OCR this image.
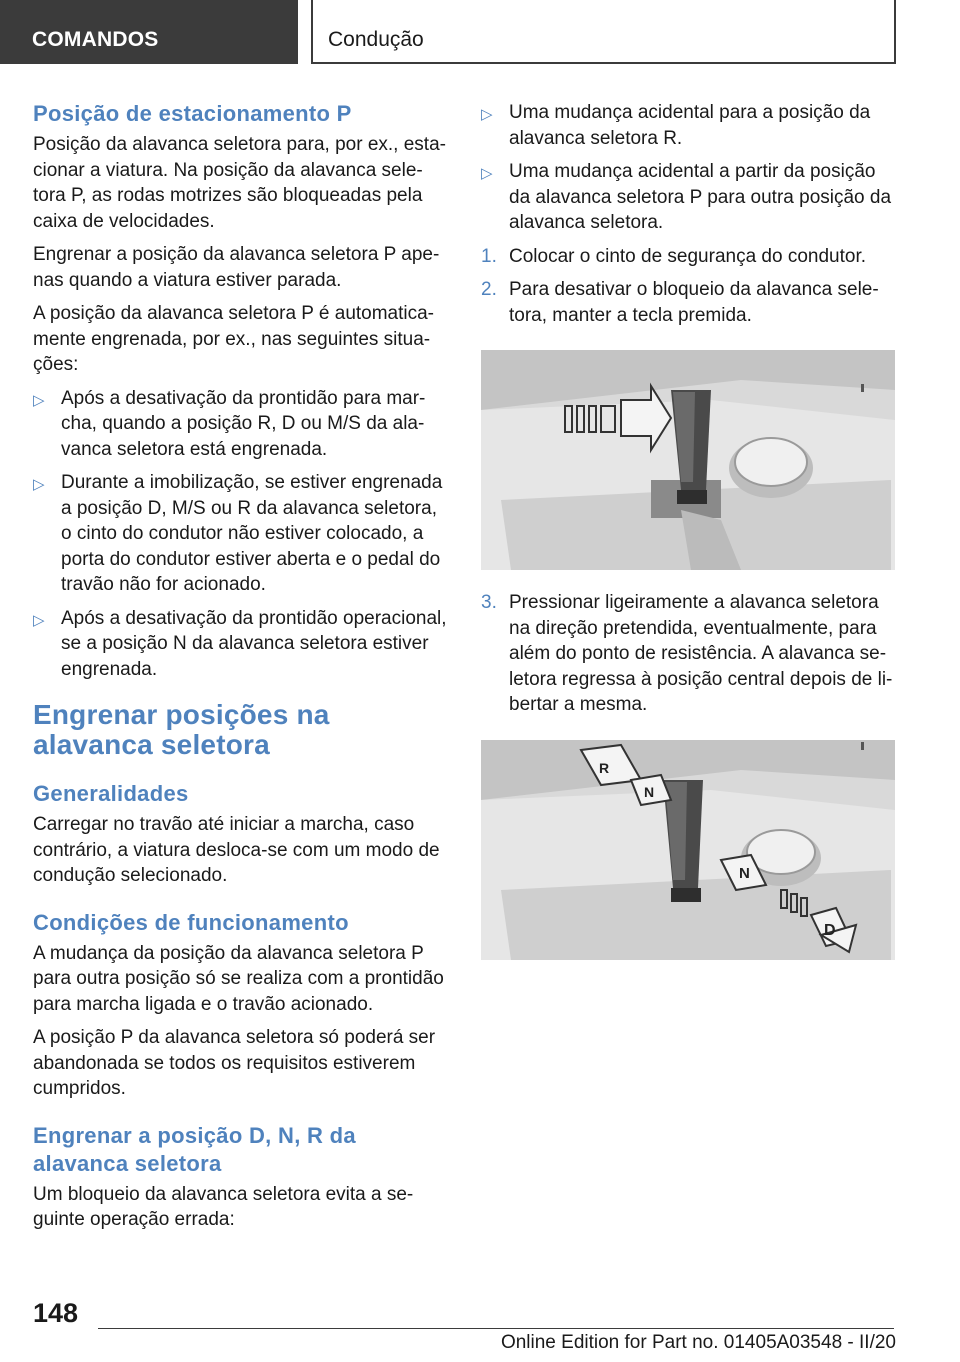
COMANDOS	Condução
Posição de estacionamento P

Posição da alavanca seletora para, por ex., esta‐ cionar a viatura. Na posição da alavanca sele‐ tora P, as rodas motrizes são bloqueadas pela caixa de velocidades.

Engrenar a posição da alavanca seletora P ape‐ nas quando a viatura estiver parada.

A posição da alavanca seletora P é automatica‐ mente engrenada, por ex., nas seguintes situa‐ ções:

▷ Após a desativação da prontidão para mar‐ cha, quando a posição R, D ou M/S da ala‐ vanca seletora está engrenada.
▷ Durante a imobilização, se estiver engrenada a posição D, M/S ou R da alavanca seletora, o cinto do condutor não estiver colocado, a porta do condutor estiver aberta e o pedal do travão não for acionado.
▷ Após a desativação da prontidão operacional, se a posição N da alavanca seletora estiver engrenada.
Engrenar posições na alavanca seletora
Generalidades

Carregar no travão até iniciar a marcha, caso contrário, a viatura desloca-se com um modo de condução selecionado.

Condições de funcionamento

A mudança da posição da alavanca seletora P para outra posição só se realiza com a prontidão para marcha ligada e o travão acionado.

A posição P da alavanca seletora só poderá ser abandonada se todos os requisitos estiverem cumpridos.

Engrenar a posição D, N, R da alavanca seletora

Um bloqueio da alavanca seletora evita a se‐ guinte operação errada:

▷ Uma mudança acidental para a posição da alavanca seletora R.
▷ Uma mudança acidental a partir da posição da alavanca seletora P para outra posição da alavanca seletora.
1. Colocar o cinto de segurança do condutor.
2. Para desativar o bloqueio da alavanca sele‐ tora, manter a tecla premida.
3. Pressionar ligeiramente a alavanca seletora na direção pretendida, eventualmente, para além do ponto de resistência. A alavanca se‐ letora regressa à posição central depois de li‐ bertar a mesma.
R
N
N
D
148
Online Edition for Part no. 01405A03548 - II/20
